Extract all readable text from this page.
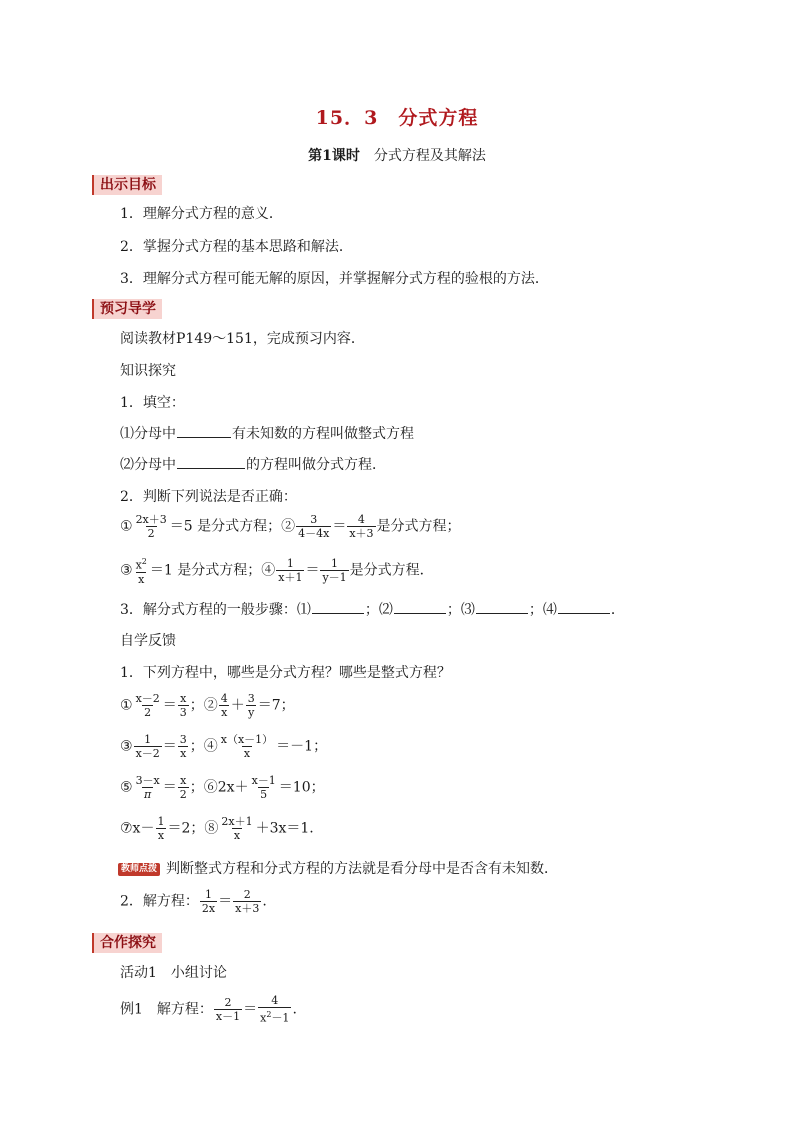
15．3　分式方程
第1课时　 分式方程及其解法
出示目标
1．理解分式方程的意义．
2．掌握分式方程的基本思路和解法．
3．理解分式方程可能无解的原因，并掌握解分式方程的验根的方法．
预习导学
阅读教材P149～151，完成预习内容．
知识探究
1．填空：
⑴分母中	有未知数的方程叫做整式方程
⑵分母中	的方程叫做分式方程．
2．判断下列说法是否正确：
① $\frac{2x+3}{2} =5$ 是分式方程；② $\frac{3}{4-4x} = \frac{4}{x+3}$ 是分式方程；
③ $\frac{x^2}{x} =1$ 是分式方程；④ $\frac{1}{x+1} = \frac{1}{y-1}$ 是分式方程．
3．解分式方程的一般步骤：⑴	；⑵	；⑶	；⑷	．
自学反馈
1．下列方程中，哪些是分式方程？哪些是整式方程？
① $\frac{x-2}{2} = \frac{x}{3}$ ；② $\frac{4}{x} + \frac{3}{y} =7$；
③ $\frac{1}{x-2} = \frac{3}{x}$ ；④ $\frac{x(x-1)}{x} =-1$；
⑤ $\frac{3-x}{\pi} = \frac{x}{2}$ ；⑥2x＋ $\frac{x-1}{5} =10$；
⑦x－ $\frac{1}{x} =2$；⑧ $\frac{2x+1}{x} +3x=1$.
教师点拨 判断整式方程和分式方程的方法就是看分母中是否含有未知数．
2．解方程： $\frac{1}{2x} = \frac{2}{x+3}$ .
合作探究
活动1　小组讨论
例1　 解方程： $\frac{2}{x-1} = \frac{4}{x^2-1}$ .
